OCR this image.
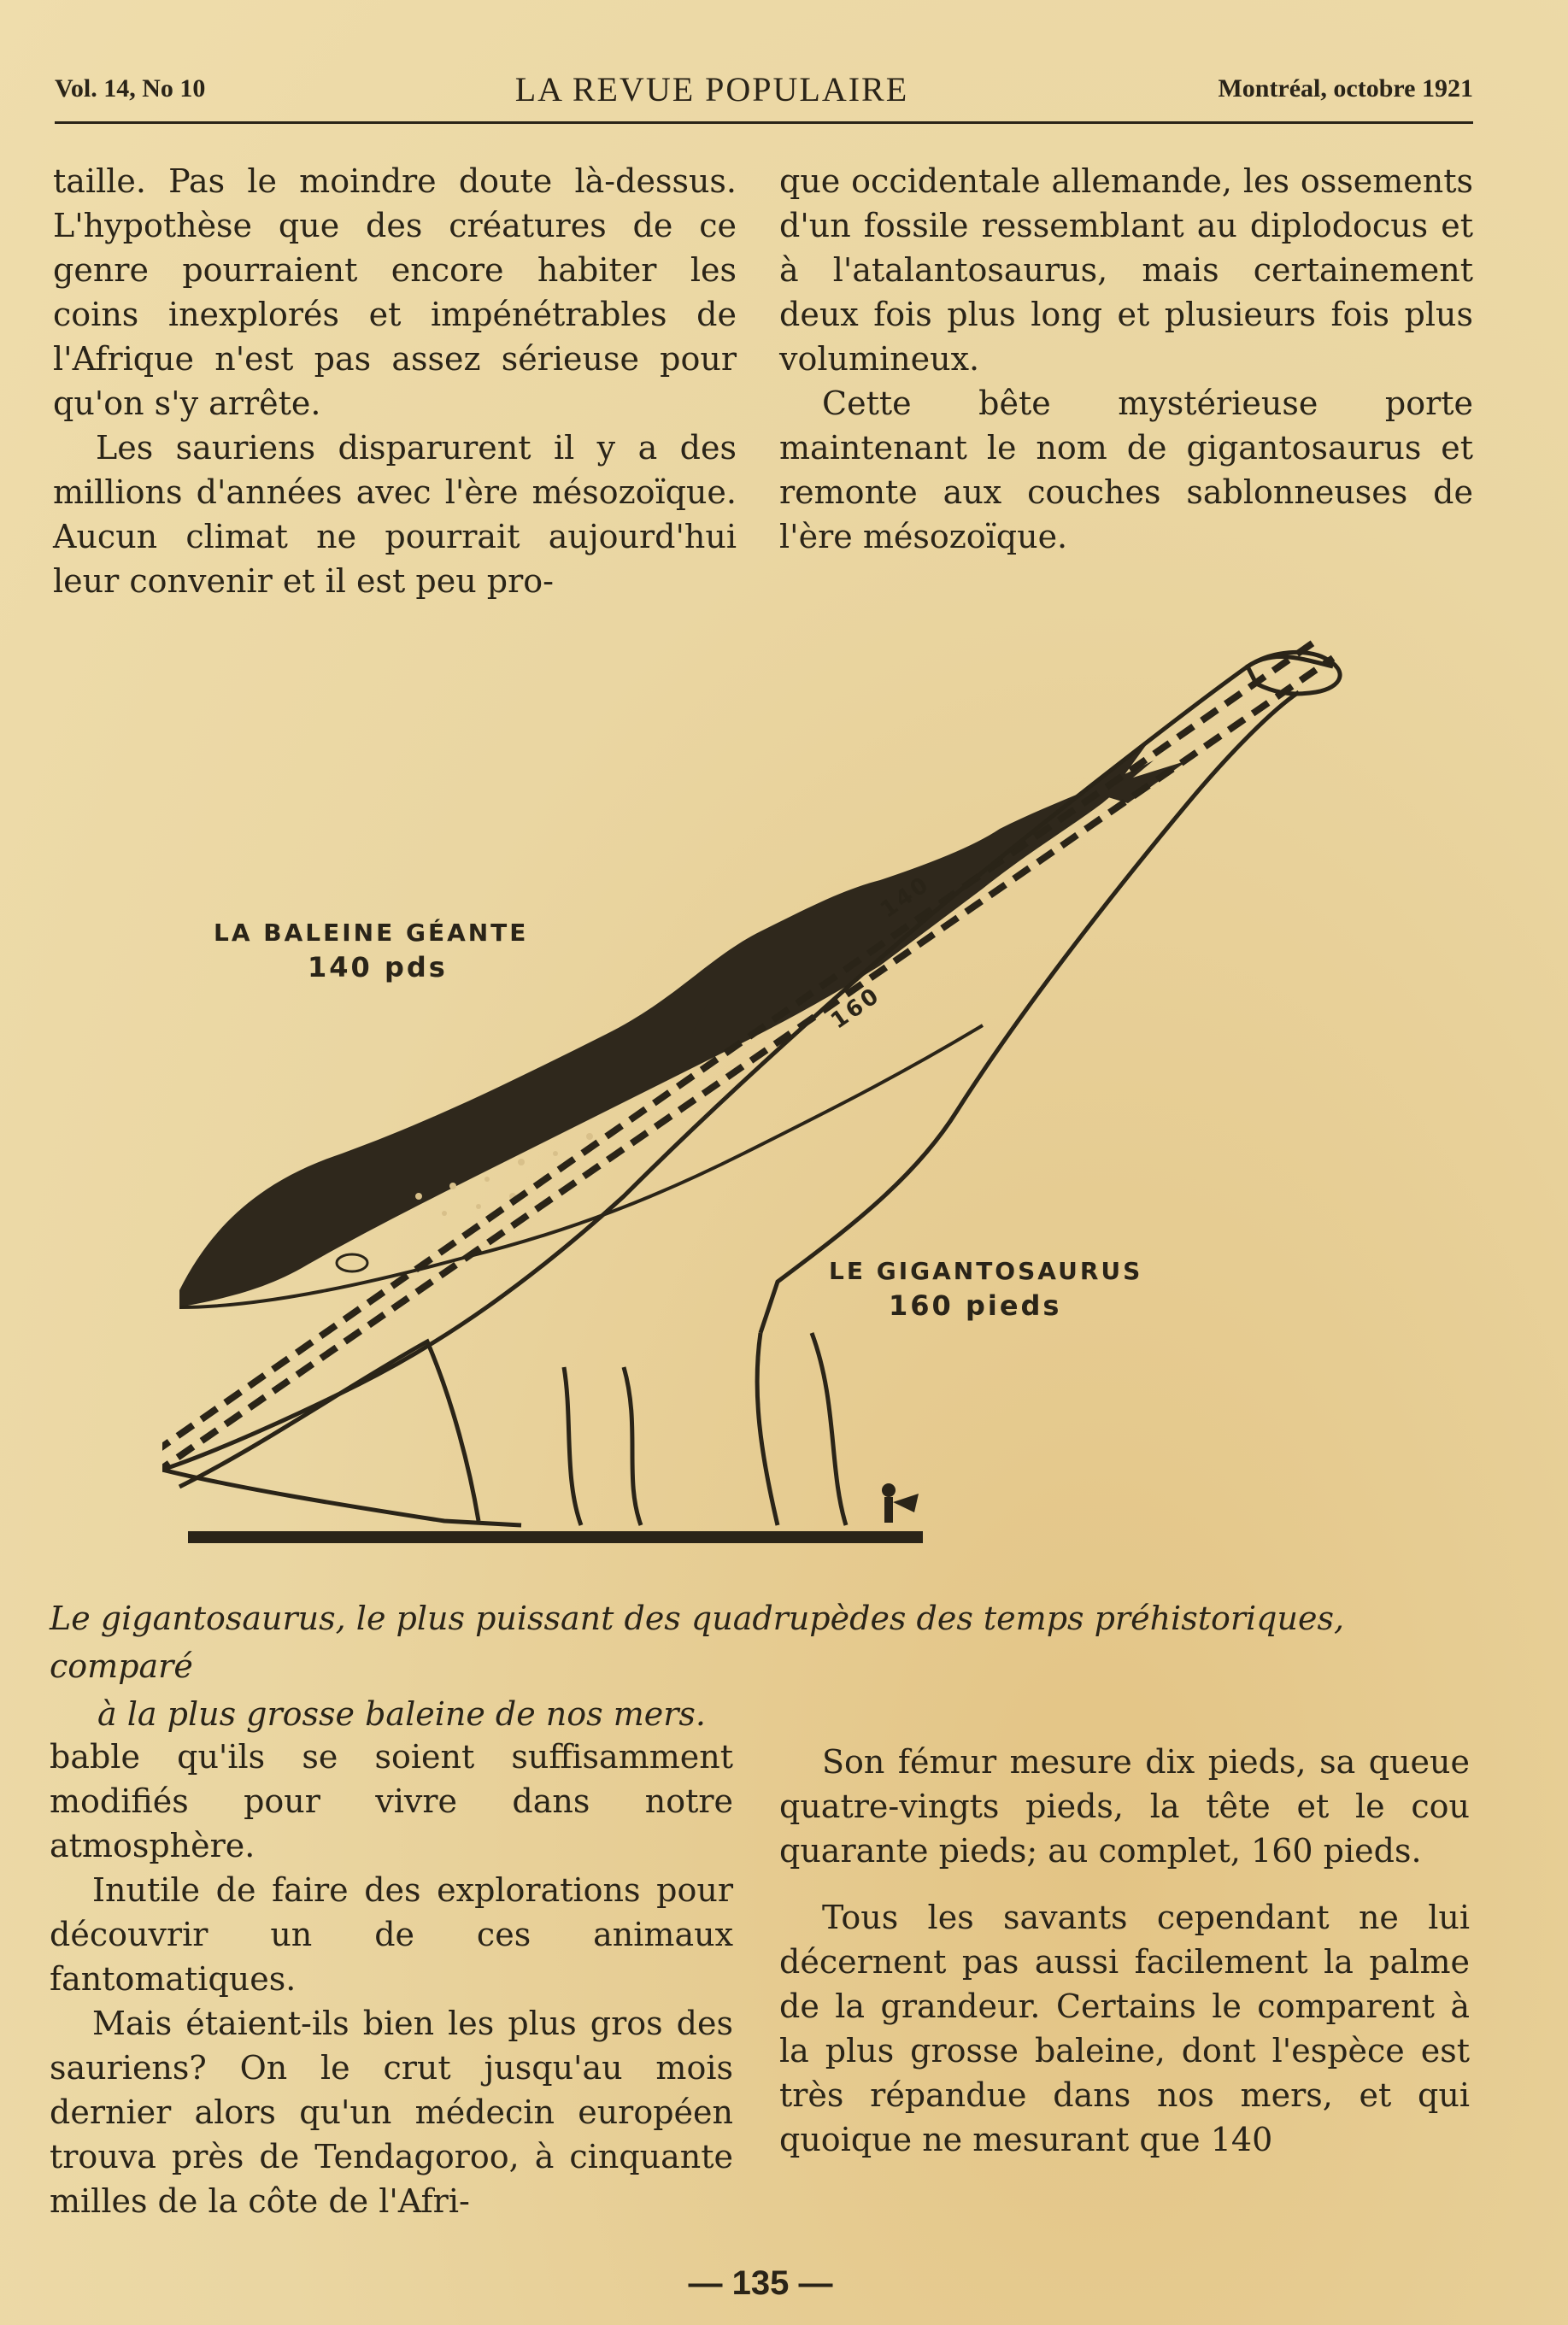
Vol. 14, No 10	LA REVUE POPULAIRE	Montréal, octobre 1921

taille. Pas le moindre doute là-dessus. L'hypothèse que des créatures de ce genre pourraient encore habiter les coins inexplorés et impénétrables de l'Afrique n'est pas assez sérieuse pour qu'on s'y arrête.

Les sauriens disparurent il y a des millions d'années avec l'ère mésozoïque. Aucun climat ne pourrait aujourd'hui leur convenir et il est peu pro-

que occidentale allemande, les ossements d'un fossile ressemblant au diplodocus et à l'atalantosaurus, mais certainement deux fois plus long et plusieurs fois plus volumineux.

Cette bête mystérieuse porte maintenant le nom de gigantosaurus et remonte aux couches sablonneuses de l'ère mésozoïque.

LA BALEINE GÉANTE
140 pds
140
160
LE GIGANTOSAURUS
160 pieds

Le gigantosaurus, le plus puissant des quadrupèdes des temps préhistoriques, comparé

à la plus grosse baleine de nos mers.

bable qu'ils se soient suffisamment modifiés pour vivre dans notre atmosphère.

Inutile de faire des explorations pour découvrir un de ces animaux fantomatiques.

Mais étaient-ils bien les plus gros des sauriens? On le crut jusqu'au mois dernier alors qu'un médecin européen trouva près de Tendagoroo, à cinquante milles de la côte de l'Afri-

Son fémur mesure dix pieds, sa queue quatre-vingts pieds, la tête et le cou quarante pieds; au complet, 160 pieds.

Tous les savants cependant ne lui décernent pas aussi facilement la palme de la grandeur. Certains le comparent à la plus grosse baleine, dont l'espèce est très répandue dans nos mers, et qui quoique ne mesurant que 140

— 135 —
